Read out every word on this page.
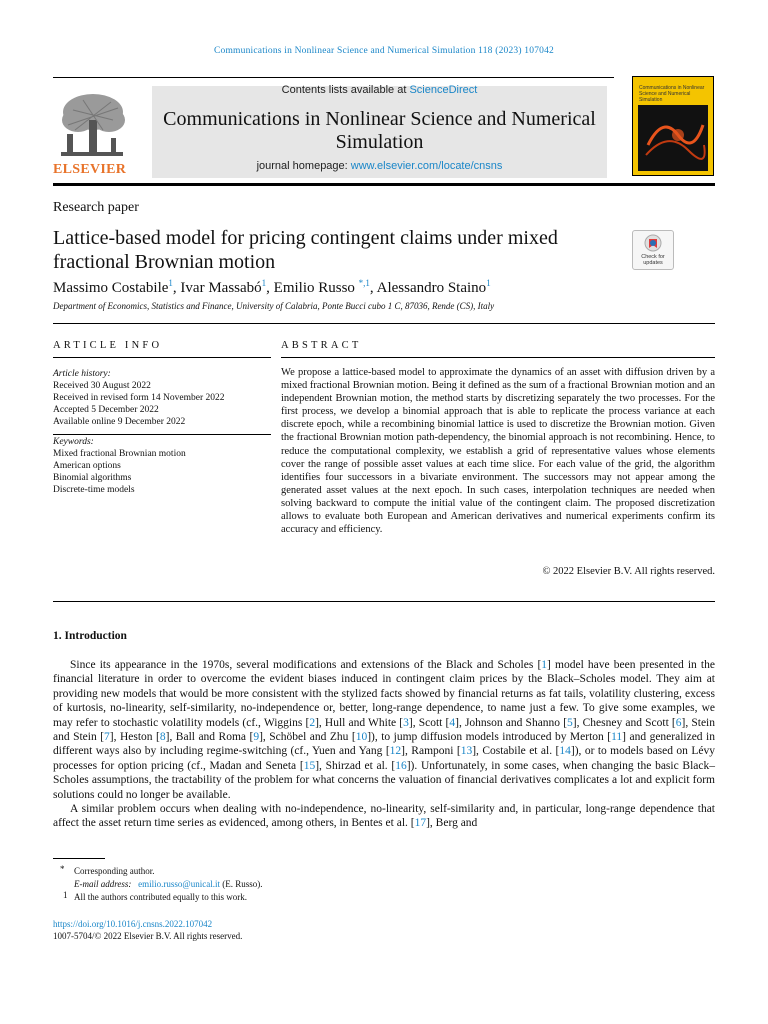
Communications in Nonlinear Science and Numerical Simulation 118 (2023) 107042
ELSEVIER
Contents lists available at ScienceDirect
Communications in Nonlinear Science and Numerical Simulation
journal homepage: www.elsevier.com/locate/cnsns
Communications in Nonlinear Science and Numerical Simulation
Research paper
Lattice-based model for pricing contingent claims under mixed fractional Brownian motion	Check for updates
Massimo Costabile$^1$, Ivar Massabó$^1$, Emilio Russo $^{*,1}$, Alessandro Staino$^1$
Department of Economics, Statistics and Finance, University of Calabria, Ponte Bucci cubo 1 C, 87036, Rende (CS), Italy
ARTICLE INFO	ABSTRACT
Article history:
Received 30 August 2022
Received in revised form 14 November 2022
Accepted 5 December 2022
Available online 9 December 2022
Keywords:
Mixed fractional Brownian motion
American options
Binomial algorithms
Discrete-time models
We propose a lattice-based model to approximate the dynamics of an asset with diffusion driven by a mixed fractional Brownian motion. Being it defined as the sum of a fractional Brownian motion and an independent Brownian motion, the method starts by discretizing separately the two processes. For the first process, we develop a binomial approach that is able to replicate the process variance at each discrete epoch, while a recombining binomial lattice is used to discretize the Brownian motion. Given the fractional Brownian motion path-dependency, the binomial approach is not recombining. Hence, to reduce the computational complexity, we establish a grid of representative values whose elements cover the range of possible asset values at each time slice. For each value of the grid, the algorithm identifies four successors in a bivariate environment. The successors may not appear among the generated asset values at the next epoch. In such cases, interpolation techniques are needed when solving backward to compute the initial value of the contingent claim. The proposed discretization allows to evaluate both European and American derivatives and numerical experiments confirm its accuracy and efficiency.
© 2022 Elsevier B.V. All rights reserved.
1. Introduction

Since its appearance in the 1970s, several modifications and extensions of the Black and Scholes [1] model have been presented in the financial literature in order to overcome the evident biases induced in contingent claim prices by the Black–Scholes model. They aim at providing new models that would be more consistent with the stylized facts showed by financial returns as fat tails, volatility clustering, excess of kurtosis, no-linearity, self-similarity, no-independence or, better, long-range dependence, to name just a few. To give some examples, we may refer to stochastic volatility models (cf., Wiggins [2], Hull and White [3], Scott [4], Johnson and Shanno [5], Chesney and Scott [6], Stein and Stein [7], Heston [8], Ball and Roma [9], Schöbel and Zhu [10]), to jump diffusion models introduced by Merton [11] and generalized in different ways also by including regime-switching (cf., Yuen and Yang [12], Ramponi [13], Costabile et al. [14]), or to models based on Lévy processes for option pricing (cf., Madan and Seneta [15], Shirzad et al. [16]). Unfortunately, in some cases, when changing the basic Black–Scholes assumptions, the tractability of the problem for what concerns the valuation of financial derivatives complicates a lot and explicit form solutions could no longer be available.

A similar problem occurs when dealing with no-independence, no-linearity, self-similarity and, in particular, long-range dependence that affect the asset return time series as evidenced, among others, in Bentes et al. [17], Berg and

* Corresponding author.
E-mail address: emilio.russo@unical.it (E. Russo).
1 All the authors contributed equally to this work.
https://doi.org/10.1016/j.cnsns.2022.107042
1007-5704/© 2022 Elsevier B.V. All rights reserved.
